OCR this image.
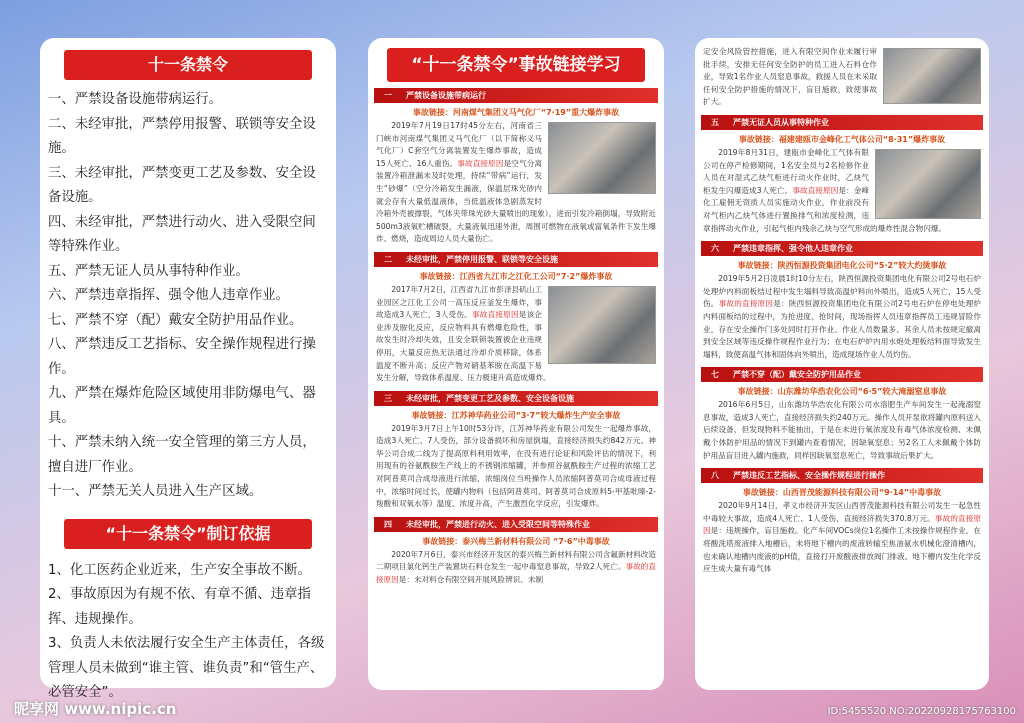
十一条禁令
一、严禁设备设施带病运行。
二、未经审批，严禁停用报警、联锁等安全设施。
三、未经审批，严禁变更工艺及参数、安全设备设施。
四、未经审批，严禁进行动火、进入受限空间等特殊作业。
五、严禁无证人员从事特种作业。
六、严禁违章指挥、强令他人违章作业。
七、严禁不穿（配）戴安全防护用品作业。
八、严禁违反工艺指标、安全操作规程进行操作。
九、严禁在爆炸危险区域使用非防爆电气、器具。
十、严禁未纳入统一安全管理的第三方人员，擅自进厂作业。
十一、严禁无关人员进入生产区域。
“十一条禁令”制订依据
1、化工医药企业近来，生产安全事故不断。
2、事故原因为有规不依、有章不循、违章指挥、违规操作。
3、负责人未依法履行安全生产主体责任，各级管理人员未做到“谁主管、谁负责”和“管生产、必管安全”。
“十一条禁令”事故链接学习
一 严禁设备设施带病运行
事故链接：河南煤气集团义马气化厂“7·19”重大爆炸事故

2019年7月19日17时45分左右，河南省三门峡市河南煤气集团义马气化厂（以下简称义马气化厂）C套空气分离装置发生爆炸事故，造成15人死亡、16人重伤。事故直接原因是空气分离装置冷箱泄漏未及时处理，持续“带病”运行，发生“砂爆”（空分冷箱发生漏液，保温层珠光砂内就会存有大量低温液体，当低温液体急剧蒸发时冷箱外壳被撑裂，气体夹带珠光砂大量喷出的现象），进而引发冷箱倒塌，导致附近500m3液氧贮槽破裂，大量液氧迅速外泄，周围可燃物在液氧或富氧条件下发生爆炸、燃烧，造成周边人员大量伤亡。

二 未经审批，严禁停用报警、联锁等安全设施
事故链接：江西省九江市之江化工公司“7·2”爆炸事故

2017年7月2日，江西省九江市彭泽县矶山工业园区之江化工公司一高压反应釜发生爆炸，事故造成3人死亡，3人受伤。事故直接原因是该企业涉及胺化反应，反应物料具有燃爆危险性，事故发生时冷却失效，且安全联锁装置被企业违规停用，大量反应热无法通过冷却介质移除，体系温度不断升高；反应产物对硝基苯胺在高温下易发生分解，导致体系温度、压力极速升高造成爆炸。

三 未经审批，严禁变更工艺及参数、安全设备设施
事故链接：江苏神华药业公司“3·7”较大爆炸生产安全事故

2019年3月7日上午10时53分许，江苏神华药业有限公司发生一起爆炸事故，造成3人死亡、7人受伤，部分设备损坏和房屋倒塌，直接经济损失约842万元。神华公司合成二线为了提高原料利用效率，在没有进行论证和风险评估的情况下，利用现有的谷氨酰胺生产线上的不锈钢浓缩罐，并参照谷氨酰胺生产过程的浓缩工艺对阿普莫司合成母液进行浓缩，浓缩岗位当班操作人员浓缩阿普莫司合成母液过程中，浓缩时间过长，使罐内物料（包括阿普莫司、阿普莫司合成原料5-甲基吡嗪-2-羧酸和双氧水等）温度、浓度升高，产生激烈化学反应，引发爆炸。

四 未经审批，严禁进行动火、进入受限空间等特殊作业
事故链接：泰兴梅兰新材料有限公司 “7·6”中毒事故

2020年7月6日，泰兴市经济开发区的泰兴梅兰新材料有限公司含氟新材料改造二期项目氯化钙生产装置块石料仓发生一起中毒窒息事故，导致2人死亡。事故的直接原因是：未对料仓有限空间开展风险辨识、未制

定安全风险管控措施，进入有限空间作业未履行审批手续，安排无任何安全防护的员工进入石料仓作业，导致1名作业人员窒息事故，救援人员在未采取任何安全防护措施的情况下，盲目施救，致使事故扩大。

五 严禁无证人员从事特种作业
事故链接：福建建瓯市金峰化工气体公司“8·31”爆炸事故

2019年8月31日，建瓯市金峰化工气体有限公司在停产检修期间，1名安全员与2名检修作业人员在对湿式乙炔气柜进行动火作业时，乙炔气柜发生闪爆造成3人死亡。事故直接原因是：金峰化工雇佣无资质人员实施动火作业，作业前没有对气柜内乙炔气体进行置换排气和浓度检测，违章指挥动火作业，引起气柜内残余乙炔与空气形成的爆炸性混合物闪爆。

六 严禁违章指挥、强令他人违章作业
事故链接：陕西恒源投资集团电化公司“5·2”较大灼烫事故

2019年5月2日凌晨1时10分左右，陕西恒源投资集团电化有限公司2号电石炉处理炉内料面板结过程中发生塌料导致高温炉料向外喷出，造成5人死亡，15人受伤。事故的直接原因是：陕西恒源投资集团电化有限公司2号电石炉在停电处理炉内料面板结的过程中，为抢进度、抢时间，现场指挥人员违章指挥员工违规冒险作业，存在安全操作门多处同时打开作业、作业人员数量多、其余人员未按规定撤离到安全区域等违反操作规程作业行为；在电石炉炉内用水炮处理板结料面导致发生塌料，致使高温气体和固体向外喷出，造成现场作业人员灼伤。

七 严禁不穿（配）戴安全防护用品作业
事故链接：山东潍坊华浩农化公司“6·5”较大淹溺窒息事故

2016年6月5日，山东潍坊华浩农化有限公司水溶肥生产车间发生一起淹溺窒息事故，造成3人死亡，直接经济损失约240万元。操作人员开泵欲将罐内原料送入后续设备，但发现物料不能抽出，于是在未进行氧浓度及有毒气体浓度检测、未佩戴个体防护用品的情况下到罐内查看情况，因缺氧窒息；另2名工人未佩戴个体防护用品盲目进入罐内施救，同样因缺氧窒息死亡，导致事故后果扩大。

八 严禁违反工艺指标、安全操作规程进行操作
事故链接：山西晋茂能源科技有限公司“9·14”中毒事故

2020年9月14日，孝义市经济开发区山西晋茂能源科技有限公司发生一起急性中毒较大事故，造成4人死亡、1人受伤，直接经济损失370.8万元。事故的直接原因是：违规操作，盲目施救。化产车间VOCs岗位1名操作工未按操作规程作业，在将酸洗塔废液排入地槽后，未将地下槽内的废液转输至焦油氨水机械化澄清槽内，也未确认地槽内废液的pH值，直接打开废酸液排放阀门排液。地下槽内发生化学反应生成大量有毒气体

昵享网 www.nipic.cn	ID:5455520 NO:20220928175763100
